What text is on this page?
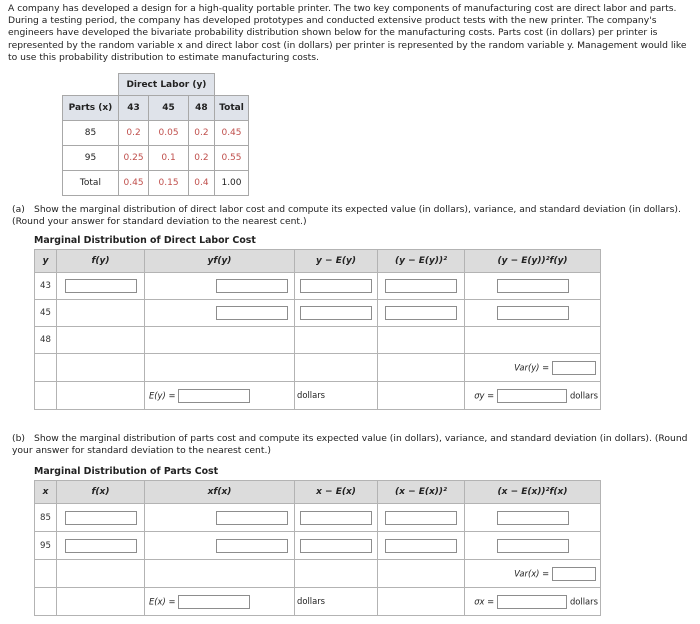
A company has developed a design for a high-quality portable printer. The two key components of manufacturing cost are direct labor and parts. During a testing period, the company has developed prototypes and conducted extensive product tests with the new printer. The company's engineers have developed the bivariate probability distribution shown below for the manufacturing costs. Parts cost (in dollars) per printer is represented by the random variable x and direct labor cost (in dollars) per printer is represented by the random variable y. Management would like to use this probability distribution to estimate manufacturing costs.
	Direct Labor (y)			
Parts (x)	43	45	48	Total
85	0.2	0.05	0.2	0.45
95	0.25	0.1	0.2	0.55
Total	0.45	0.15	0.4	1.00
(a) Show the marginal distribution of direct labor cost and compute its expected value (in dollars), variance, and standard deviation (in dollars). (Round your answer for standard deviation to the nearest cent.)
Marginal Distribution of Direct Labor Cost
y	f(y)	yf(y)	y − E(y)	(y − E(y))²	(y − E(y))²f(y)
43					
45					
48					
					Var(y) =
		E(y) =	dollars		σy = dollars
(b) Show the marginal distribution of parts cost and compute its expected value (in dollars), variance, and standard deviation (in dollars). (Round your answer for standard deviation to the nearest cent.)
Marginal Distribution of Parts Cost
x	f(x)	xf(x)	x − E(x)	(x − E(x))²	(x − E(x))²f(x)
85					
95					
					Var(x) =
		E(x) =	dollars		σx = dollars
